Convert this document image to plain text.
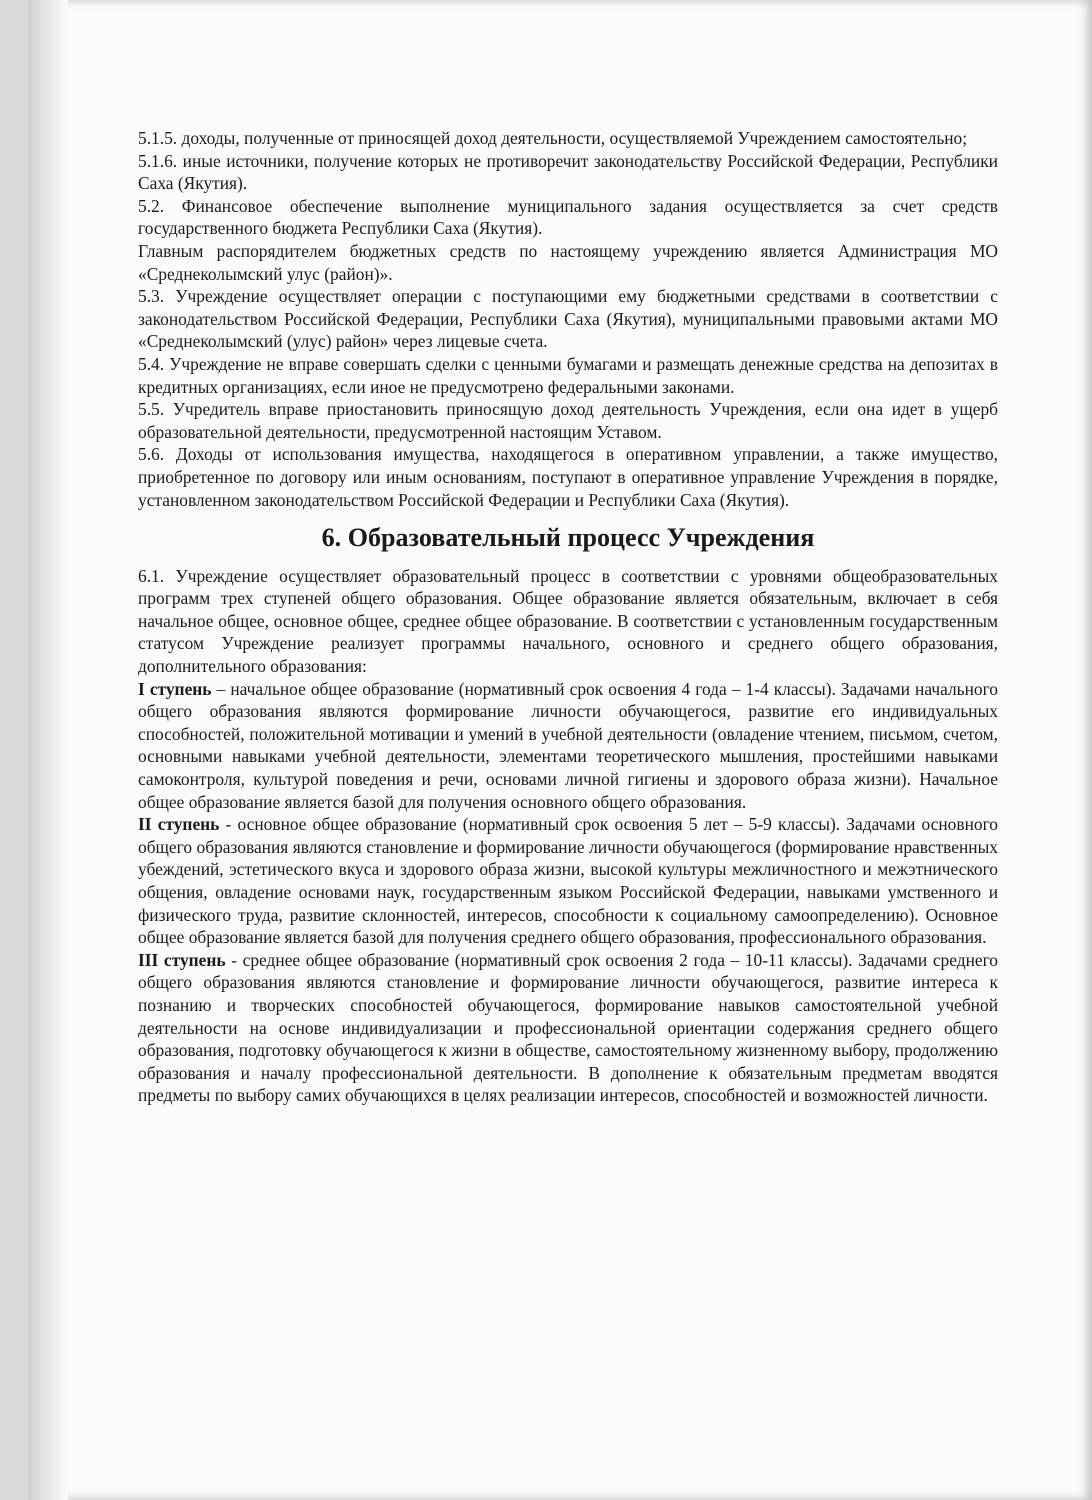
5.1.5. доходы, полученные от приносящей доход деятельности, осуществляемой Учреждением самостоятельно;

5.1.6. иные источники, получение которых не противоречит законодательству Российской Федерации, Республики Саха (Якутия).

5.2. Финансовое обеспечение выполнение муниципального задания осуществляется за счет средств государственного бюджета Республики Саха (Якутия).

Главным распорядителем бюджетных средств по настоящему учреждению является Администрация МО «Среднеколымский улус (район)».

5.3. Учреждение осуществляет операции с поступающими ему бюджетными средствами в соответствии с законодательством Российской Федерации, Республики Саха (Якутия), муниципальными правовыми актами МО «Среднеколымский (улус) район» через лицевые счета.

5.4. Учреждение не вправе совершать сделки с ценными бумагами и размещать денежные средства на депозитах в кредитных организациях, если иное не предусмотрено федеральными законами.

5.5. Учредитель вправе приостановить приносящую доход деятельность Учреждения, если она идет в ущерб образовательной деятельности, предусмотренной настоящим Уставом.

5.6. Доходы от использования имущества, находящегося в оперативном управлении, а также имущество, приобретенное по договору или иным основаниям, поступают в оперативное управление Учреждения в порядке, установленном законодательством Российской Федерации и Республики Саха (Якутия).

6. Образовательный процесс Учреждения

6.1. Учреждение осуществляет образовательный процесс в соответствии с уровнями общеобразовательных программ трех ступеней общего образования. Общее образование является обязательным, включает в себя начальное общее, основное общее, среднее общее образование. В соответствии с установленным государственным статусом Учреждение реализует программы начального, основного и среднего общего образования, дополнительного образования:

I ступень – начальное общее образование (нормативный срок освоения 4 года – 1-4 классы). Задачами начального общего образования являются формирование личности обучающегося, развитие его индивидуальных способностей, положительной мотивации и умений в учебной деятельности (овладение чтением, письмом, счетом, основными навыками учебной деятельности, элементами теоретического мышления, простейшими навыками самоконтроля, культурой поведения и речи, основами личной гигиены и здорового образа жизни). Начальное общее образование является базой для получения основного общего образования.

II ступень - основное общее образование (нормативный срок освоения 5 лет – 5-9 классы). Задачами основного общего образования являются становление и формирование личности обучающегося (формирование нравственных убеждений, эстетического вкуса и здорового образа жизни, высокой культуры межличностного и межэтнического общения, овладение основами наук, государственным языком Российской Федерации, навыками умственного и физического труда, развитие склонностей, интересов, способности к социальному самоопределению). Основное общее образование является базой для получения среднего общего образования, профессионального образования.

III ступень - среднее общее образование (нормативный срок освоения 2 года – 10-11 классы). Задачами среднего общего образования являются становление и формирование личности обучающегося, развитие интереса к познанию и творческих способностей обучающегося, формирование навыков самостоятельной учебной деятельности на основе индивидуализации и профессиональной ориентации содержания среднего общего образования, подготовку обучающегося к жизни в обществе, самостоятельному жизненному выбору, продолжению образования и началу профессиональной деятельности. В дополнение к обязательным предметам вводятся предметы по выбору самих обучающихся в целях реализации интересов, способностей и возможностей личности.
